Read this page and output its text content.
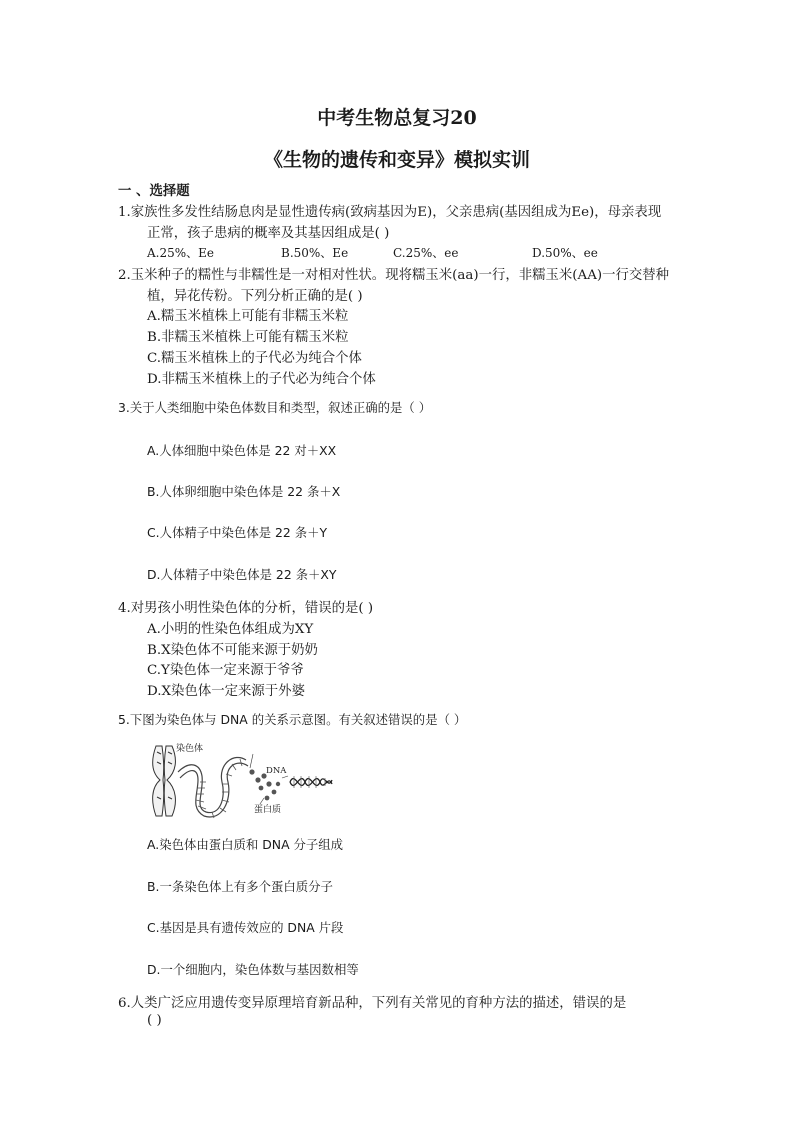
中考生物总复习20
《生物的遗传和变异》模拟实训
一 、选择题
1.家族性多发性结肠息肉是显性遗传病(致病基因为E)，父亲患病(基因组成为Ee)，母亲表现
正常，孩子患病的概率及其基因组成是( )
A.25%、Ee	B.50%、Ee	C.25%、ee	D.50%、ee
2.玉米种子的糯性与非糯性是一对相对性状。现将糯玉米(aa)一行，非糯玉米(AA)一行交替种
植，异花传粉。下列分析正确的是( )
A.糯玉米植株上可能有非糯玉米粒
B.非糯玉米植株上可能有糯玉米粒
C.糯玉米植株上的子代必为纯合个体
D.非糯玉米植株上的子代必为纯合个体
3.关于人类细胞中染色体数目和类型，叙述正确的是（ ）
A.人体细胞中染色体是 22 对＋XX
B.人体卵细胞中染色体是 22 条＋X
C.人体精子中染色体是 22 条＋Y
D.人体精子中染色体是 22 条＋XY
4.对男孩小明性染色体的分析，错误的是( )
A.小明的性染色体组成为XY
B.X染色体不可能来源于奶奶
C.Y染色体一定来源于爷爷
D.X染色体一定来源于外婆
5.下图为染色体与 DNA 的关系示意图。有关叙述错误的是（ ）
染色体
DNA
蛋白质
A.染色体由蛋白质和 DNA 分子组成
B.一条染色体上有多个蛋白质分子
C.基因是具有遗传效应的 DNA 片段
D.一个细胞内，染色体数与基因数相等
6.人类广泛应用遗传变异原理培育新品种，下列有关常见的育种方法的描述，错误的是
( )
